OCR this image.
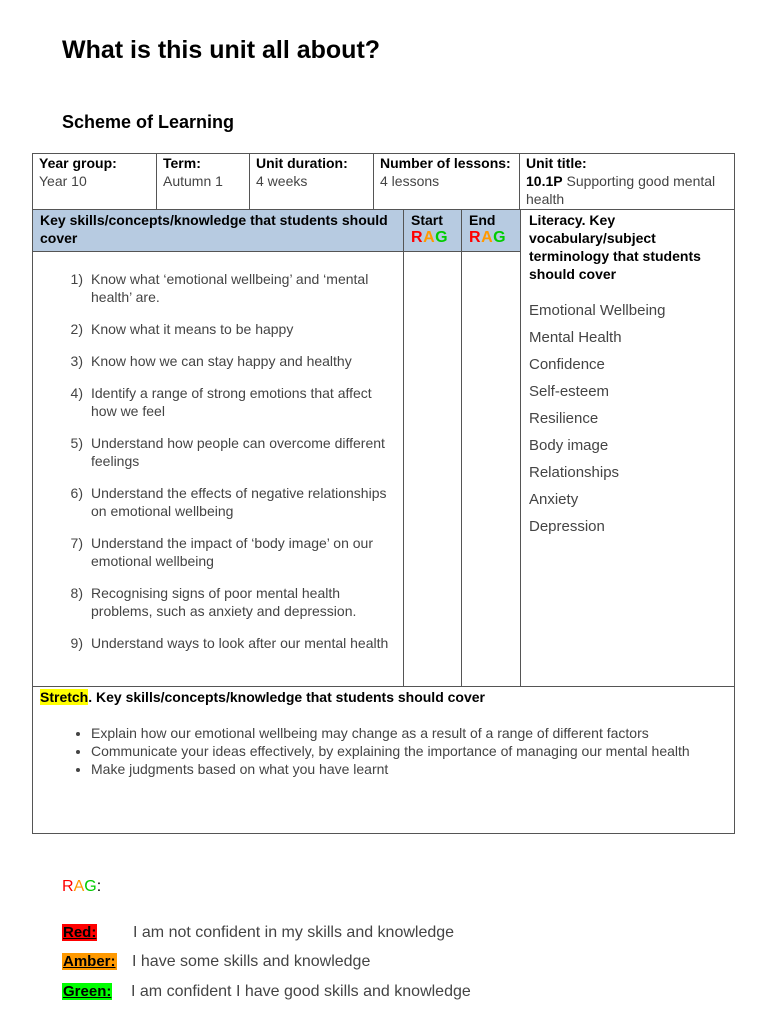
What is this unit all about?
Scheme of Learning
Year group:
Year 10
Term:
Autumn 1
Unit duration:
4 weeks
Number of lessons:
4 lessons
Unit title:
10.1P Supporting good mental health
Key skills/concepts/knowledge that students should cover
1) Know what ‘emotional wellbeing’ and ‘mental health’ are.
2) Know what it means to be happy
3) Know how we can stay happy and healthy
4) Identify a range of strong emotions that affect how we feel
5) Understand how people can overcome different feelings
6) Understand the effects of negative relationships on emotional wellbeing
7) Understand the impact of ‘body image’ on our emotional wellbeing
8) Recognising signs of poor mental health problems, such as anxiety and depression.
9) Understand ways to look after our mental health
Start
RAG
End
RAG
Literacy. Key vocabulary/subject terminology that students should cover
Emotional Wellbeing
Mental Health
Confidence
Self-esteem
Resilience
Body image
Relationships
Anxiety
Depression
Stretch. Key skills/concepts/knowledge that students should cover
• Explain how our emotional wellbeing may change as a result of a range of different factors
• Communicate your ideas effectively, by explaining the importance of managing our mental health
• Make judgments based on what you have learnt
RAG:
Red: I am not confident in my skills and knowledge
Amber: I have some skills and knowledge
Green: I am confident I have good skills and knowledge
